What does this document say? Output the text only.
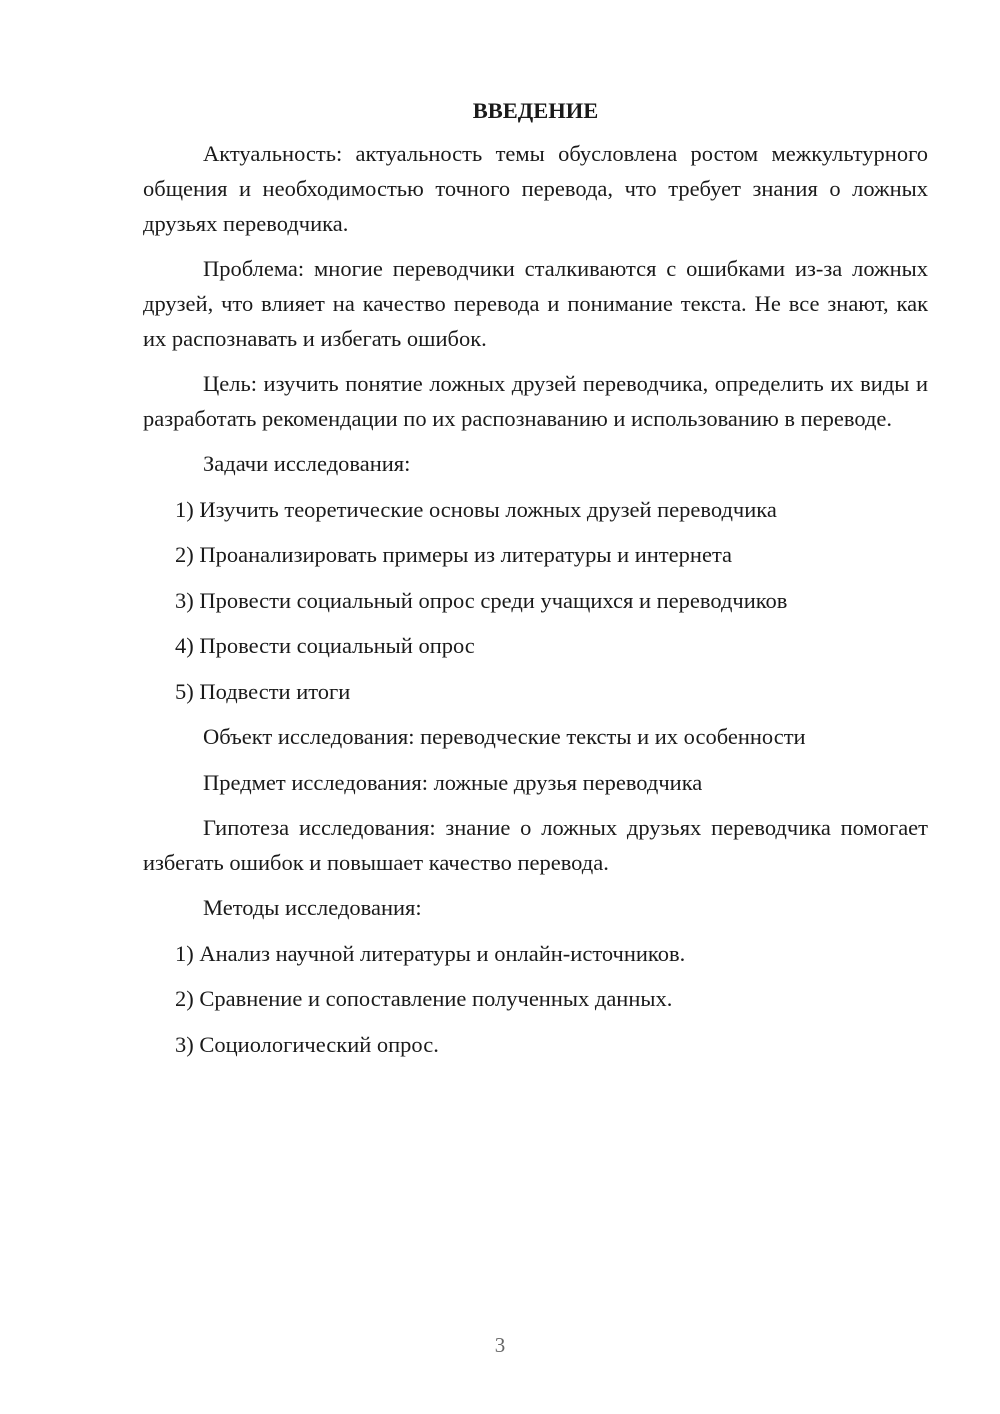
ВВЕДЕНИЕ

Актуальность: актуальность темы обусловлена ростом межкультурного общения и необходимостью точного перевода, что требует знания о ложных друзьях переводчика.

Проблема: многие переводчики сталкиваются с ошибками из-за ложных друзей, что влияет на качество перевода и понимание текста. Не все знают, как их распознавать и избегать ошибок.

Цель: изучить понятие ложных друзей переводчика, определить их виды и разработать рекомендации по их распознаванию и использованию в переводе.

Задачи исследования:
1) Изучить теоретические основы ложных друзей переводчика
2) Проанализировать примеры из литературы и интернета
3) Провести социальный опрос среди учащихся и переводчиков
4) Провести социальный опрос
5) Подвести итоги
Объект исследования: переводческие тексты и их особенности
Предмет исследования: ложные друзья переводчика

Гипотеза исследования: знание о ложных друзьях переводчика помогает избегать ошибок и повышает качество перевода.

Методы исследования:
1) Анализ научной литературы и онлайн-источников.
2) Сравнение и сопоставление полученных данных.
3) Социологический опрос.
3
